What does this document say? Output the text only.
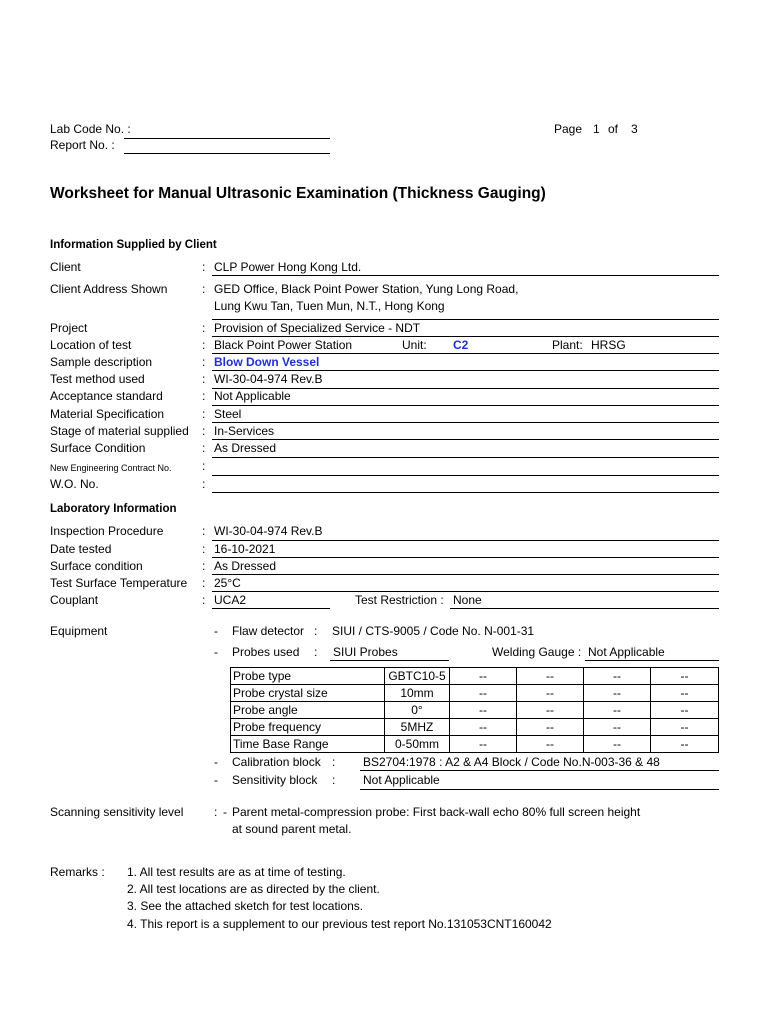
Lab Code No. :
Report No. :
Page 1 of 3
Worksheet for Manual Ultrasonic Examination (Thickness Gauging)
Information Supplied by Client
Client	: CLP Power Hong Kong Ltd.
Client Address Shown	: GED Office, Black Point Power Station, Yung Long Road,
Lung Kwu Tan, Tuen Mun, N.T., Hong Kong
Project	: Provision of Specialized Service - NDT
Location of test	: Black Point Power Station	Unit: C2	Plant: HRSG
Sample description	: Blow Down Vessel
Test method used	: WI-30-04-974 Rev.B
Acceptance standard	: Not Applicable
Material Specification	: Steel
Stage of material supplied : In-Services
Surface Condition	: As Dressed
New Engineering Contract No.	:
W.O. No.	:
Laboratory Information
Inspection Procedure	: WI-30-04-974 Rev.B
Date tested	: 16-10-2021
Surface condition	: As Dressed
Test Surface Temperature : 25°C
Couplant	: UCA2	Test Restriction : None
Equipment	- Flaw detector : SIUI / CTS-9005 / Code No. N-001-31
- Probes used : SIUI Probes	Welding Gauge : Not Applicable
Probe type	GBTC10-5	--	--	--	--
Probe crystal size	10mm	--	--	--	--
Probe angle	0°	--	--	--	--
Probe frequency	5MHZ	--	--	--	--
Time Base Range	0-50mm	--	--	--	--
- Calibration block : BS2704:1978 : A2 & A4 Block / Code No.N-003-36 & 48
- Sensitivity block : Not Applicable
Scanning sensitivity level	: - Parent metal-compression probe: First back-wall echo 80% full screen height
at sound parent metal.
Remarks : 1. All test results are as at time of testing.
2. All test locations are as directed by the client.
3. See the attached sketch for test locations.
4. This report is a supplement to our previous test report No.131053CNT160042
